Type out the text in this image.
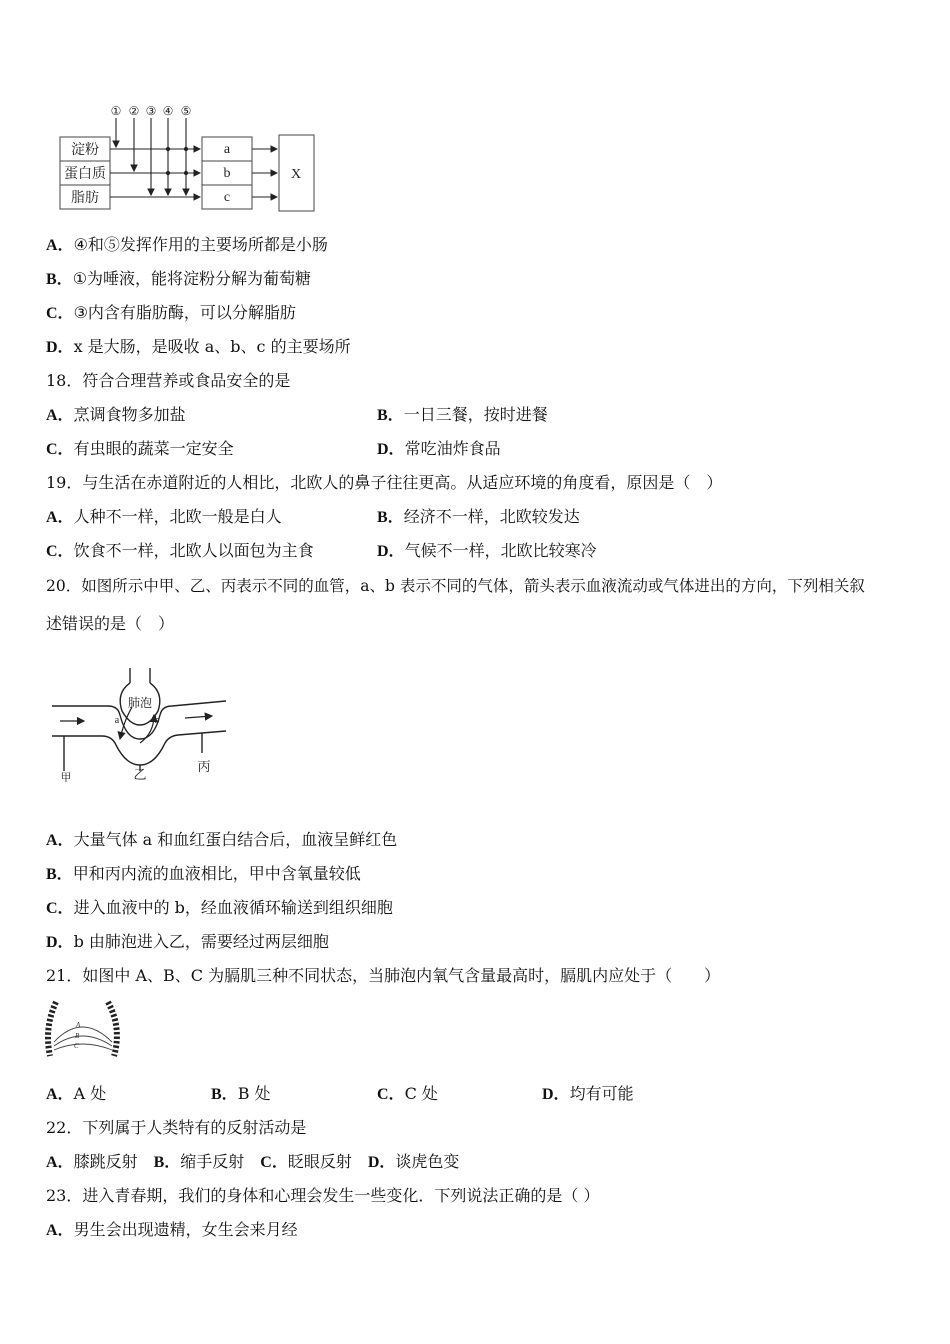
① ② ③ ④ ⑤
淀粉
蛋白质
脂肪
a
b
c
X
A．④和⑤发挥作用的主要场所都是小肠
B．①为唾液，能将淀粉分解为葡萄糖
C．③内含有脂肪酶，可以分解脂肪
D．x 是大肠，是吸收 a、b、c 的主要场所
18．符合合理营养或食品安全的是
A．烹调食物多加盐	B．一日三餐，按时进餐
C．有虫眼的蔬菜一定安全	D．常吃油炸食品
19．与生活在赤道附近的人相比，北欧人的鼻子往往更高。从适应环境的角度看，原因是（　）
A．人种不一样，北欧一般是白人	B．经济不一样，北欧较发达
C．饮食不一样，北欧人以面包为主食	D．气候不一样，北欧比较寒冷
20．如图所示中甲、乙、丙表示不同的血管，a、b 表示不同的气体，箭头表示血液流动或气体进出的方向，下列相关叙
述错误的是（　）
肺泡
a	b
甲	乙
丙
A．大量气体 a 和血红蛋白结合后，血液呈鲜红色
B．甲和丙内流的血液相比，甲中含氧量较低
C．进入血液中的 b，经血液循环输送到组织细胞
D．b 由肺泡进入乙，需要经过两层细胞
21．如图中 A、B、C 为膈肌三种不同状态，当肺泡内氧气含量最高时，膈肌内应处于（　　）
A
B
C
A．A 处	B．B 处	C．C 处	D．均有可能
22．下列属于人类特有的反射活动是
A．膝跳反射  B．缩手反射  C．眨眼反射  D．谈虎色变
23．进入青春期，我们的身体和心理会发生一些变化．下列说法正确的是（ ）
A．男生会出现遗精，女生会来月经
